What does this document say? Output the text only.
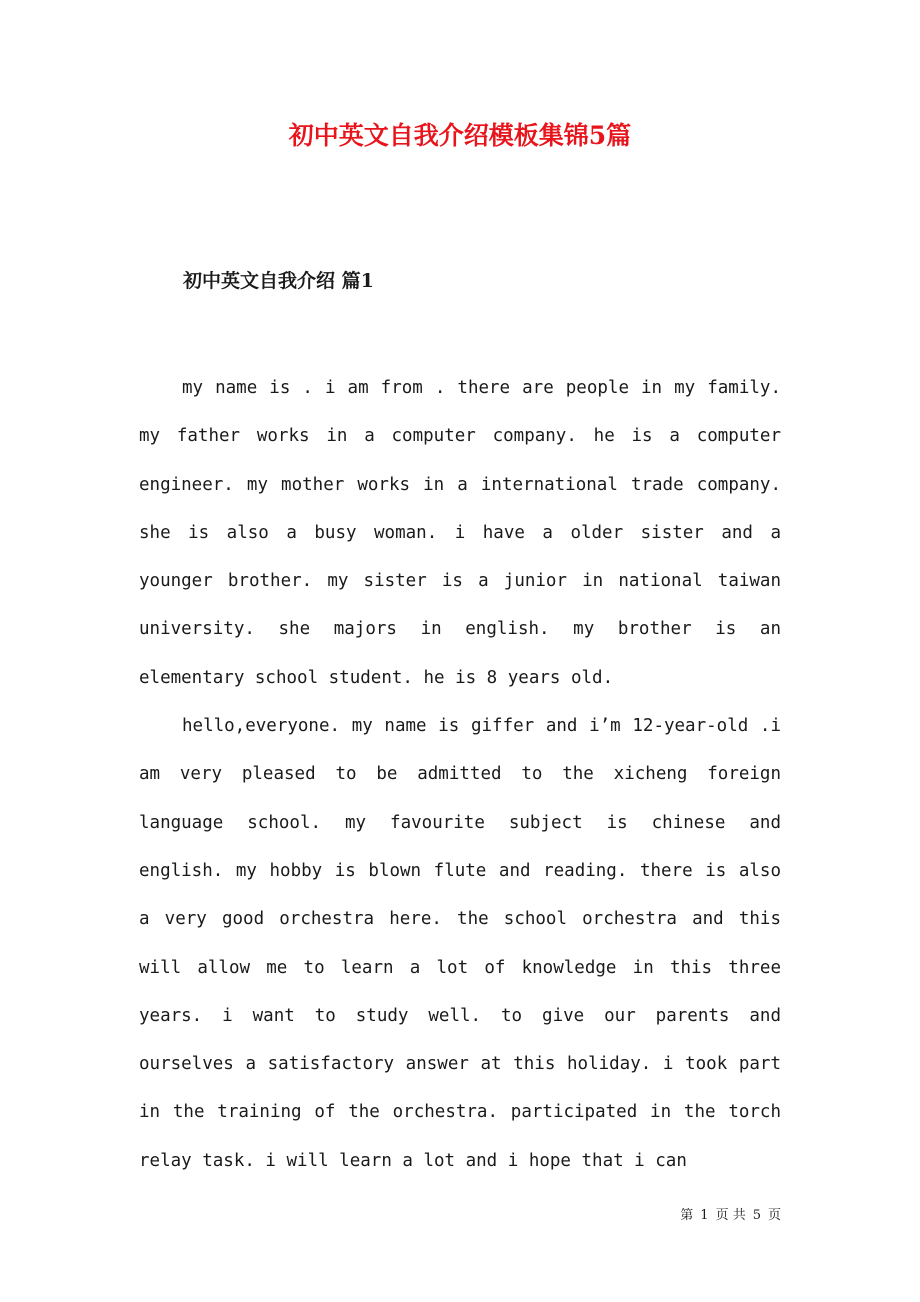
初中英文自我介绍模板集锦5篇
初中英文自我介绍 篇1

my name is . i am from . there are people in my family. my father works in a computer company. he is a computer engineer. my mother works in a international trade company. she is also a busy woman. i have a older sister and a younger brother. my sister is a junior in national taiwan university. she majors in english. my brother is an elementary school student. he is 8 years old.

hello,everyone. my name is giffer and i’m 12-year-old .i am very pleased to be admitted to the xicheng foreign language school. my favourite subject is chinese and english. my hobby is blown flute and reading. there is also a very good orchestra here. the school orchestra and this will allow me to learn a lot of knowledge in this three years. i want to study well. to give our parents and ourselves a satisfactory answer at this holiday. i took part in the training of the orchestra. participated in the torch relay task. i will learn a lot and i hope that i can

第 1 页 共 5 页
